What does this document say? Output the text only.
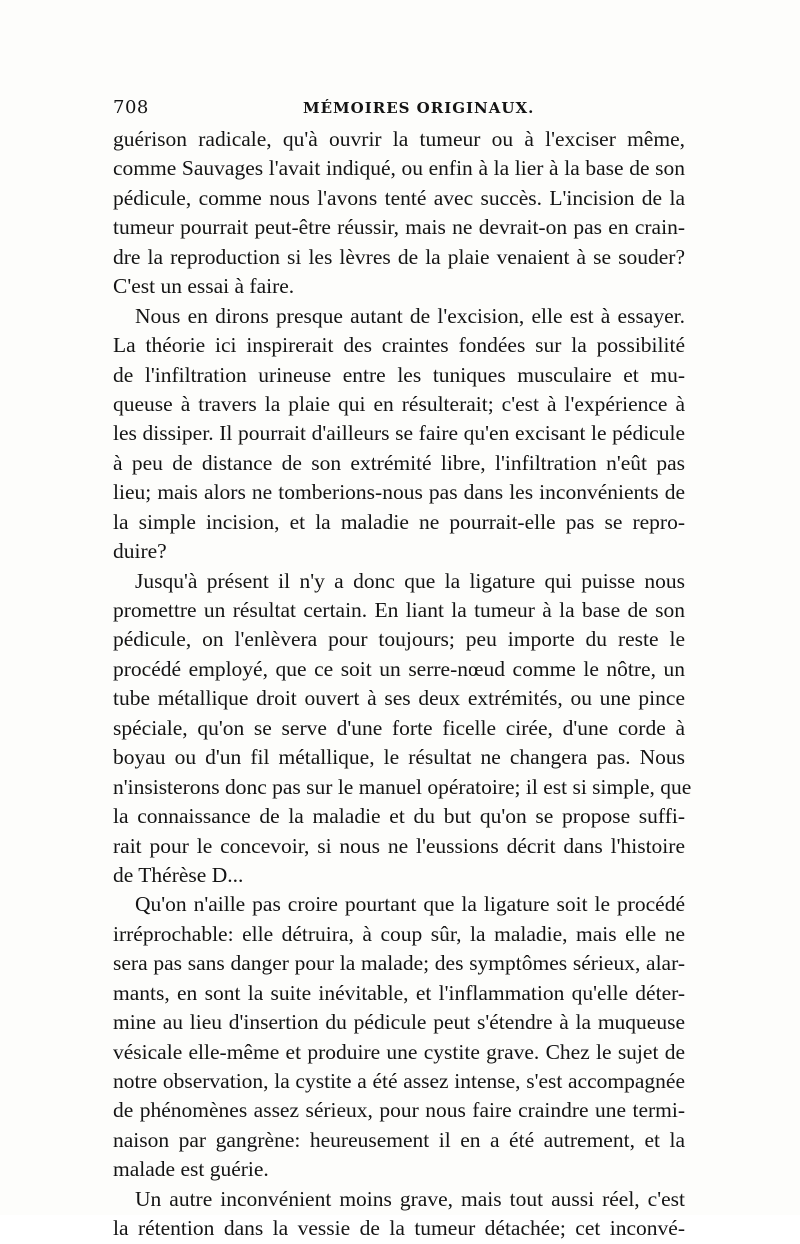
708	MÉMOIRES ORIGINAUX.
guérison radicale, qu'à ouvrir la tumeur ou à l'exciser même,
comme Sauvages l'avait indiqué, ou enfin à la lier à la base de son
pédicule, comme nous l'avons tenté avec succès. L'incision de la
tumeur pourrait peut-être réussir, mais ne devrait-on pas en crain-
dre la reproduction si les lèvres de la plaie venaient à se souder?
C'est un essai à faire.
Nous en dirons presque autant de l'excision, elle est à essayer.
La théorie ici inspirerait des craintes fondées sur la possibilité
de l'infiltration urineuse entre les tuniques musculaire et mu-
queuse à travers la plaie qui en résulterait; c'est à l'expérience à
les dissiper. Il pourrait d'ailleurs se faire qu'en excisant le pédicule
à peu de distance de son extrémité libre, l'infiltration n'eût pas
lieu; mais alors ne tomberions-nous pas dans les inconvénients de
la simple incision, et la maladie ne pourrait-elle pas se repro-
duire?
Jusqu'à présent il n'y a donc que la ligature qui puisse nous
promettre un résultat certain. En liant la tumeur à la base de son
pédicule, on l'enlèvera pour toujours; peu importe du reste le
procédé employé, que ce soit un serre-nœud comme le nôtre, un
tube métallique droit ouvert à ses deux extrémités, ou une pince
spéciale, qu'on se serve d'une forte ficelle cirée, d'une corde à
boyau ou d'un fil métallique, le résultat ne changera pas. Nous
n'insisterons donc pas sur le manuel opératoire; il est si simple, que
la connaissance de la maladie et du but qu'on se propose suffi-
rait pour le concevoir, si nous ne l'eussions décrit dans l'histoire
de Thérèse D...
Qu'on n'aille pas croire pourtant que la ligature soit le procédé
irréprochable: elle détruira, à coup sûr, la maladie, mais elle ne
sera pas sans danger pour la malade; des symptômes sérieux, alar-
mants, en sont la suite inévitable, et l'inflammation qu'elle déter-
mine au lieu d'insertion du pédicule peut s'étendre à la muqueuse
vésicale elle-même et produire une cystite grave. Chez le sujet de
notre observation, la cystite a été assez intense, s'est accompagnée
de phénomènes assez sérieux, pour nous faire craindre une termi-
naison par gangrène: heureusement il en a été autrement, et la
malade est guérie.
Un autre inconvénient moins grave, mais tout aussi réel, c'est
la rétention dans la vessie de la tumeur détachée; cet inconvé-
